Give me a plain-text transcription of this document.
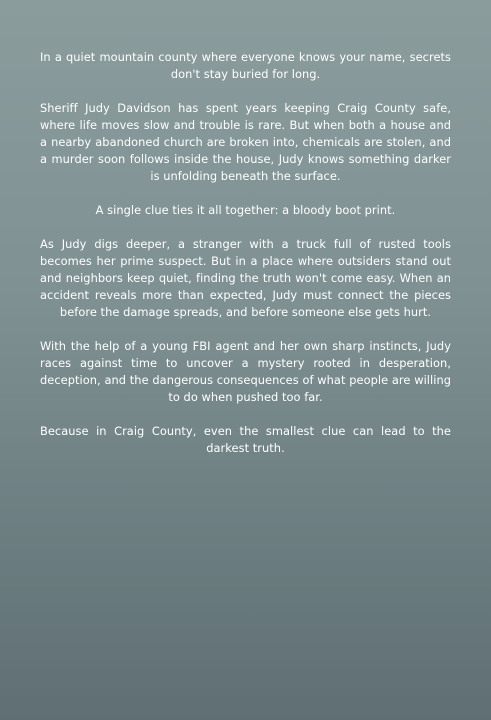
In a quiet mountain county where everyone knows your name, secrets don't stay buried for long.

Sheriff Judy Davidson has spent years keeping Craig County safe, where life moves slow and trouble is rare. But when both a house and a nearby abandoned church are broken into, chemicals are stolen, and a murder soon follows inside the house, Judy knows something darker is unfolding beneath the surface.

A single clue ties it all together: a bloody boot print.

As Judy digs deeper, a stranger with a truck full of rusted tools becomes her prime suspect. But in a place where outsiders stand out and neighbors keep quiet, finding the truth won't come easy. When an accident reveals more than expected, Judy must connect the pieces before the damage spreads, and before someone else gets hurt.

With the help of a young FBI agent and her own sharp instincts, Judy races against time to uncover a mystery rooted in desperation, deception, and the dangerous consequences of what people are willing to do when pushed too far.

Because in Craig County, even the smallest clue can lead to the darkest truth.
